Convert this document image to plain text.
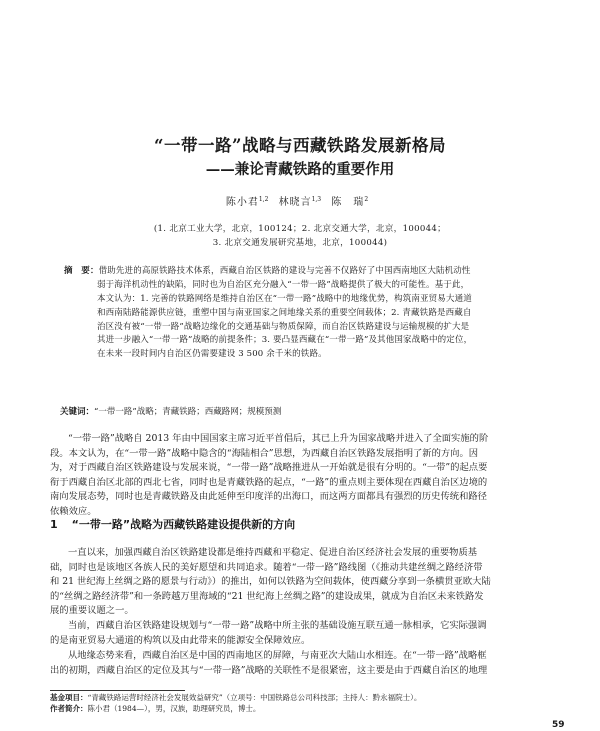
“一带一路”战略与西藏铁路发展新格局
——兼论青藏铁路的重要作用
陈小君$^{1,2}$ 林晓言$^{1,3}$ 陈　瑞$^2$
(1. 北京工业大学，北京，100124；2. 北京交通大学，北京，100044；
3. 北京交通发展研究基地，北京，100044)
摘　要：借助先进的高原铁路技术体系，西藏自治区铁路的建设与完善不仅路好了中国西南地区大陆机动性
弱于海洋机动性的缺陷，同时也为自治区充分融入“一带一路”战略提供了极大的可能性。基于此，
本文认为：1. 完善的铁路网络是维持自治区在“一带一路”战略中的地缘优势，构筑南亚贸易大通道
和西南陆路能源供应链，重塑中国与南亚国家之间地缘关系的重要空间载体；2. 青藏铁路是西藏自
治区没有被“一带一路”战略边缘化的交通基础与物质保障，而自治区铁路建设与运输规模的扩大是
其进一步融入“一带一路”战略的前提条件；3. 要凸显西藏在“一带一路”及其他国家战略中的定位，
在未来一段时间内自治区仍需要建设 3 500 余千米的铁路。
关键词：“一带一路”战略；青藏铁路；西藏路网；规模预测
“一带一路”战略自 2013 年由中国国家主席习近平首倡后，其已上升为国家战略并进入了全面实施的阶
段。本文认为，在“一带一路”战略中隐含的“海陆相合”思想，为西藏自治区铁路发展指明了新的方向。因
为，对于西藏自治区铁路建设与发展来说，“一带一路”战略推进从一开始就是很有分明的。“一带”的起点要
衔于西藏自治区北部的西北七省，同时也是青藏铁路的起点，“一路”的重点则主要体现在西藏自治区边境的
南向发展态势，同时也是青藏铁路及由此延伸至印度洋的出海口，而这两方面都具有强烈的历史传统和路径
依赖效应。
1 “一带一路”战略为西藏铁路建设提供新的方向
一直以来，加强西藏自治区铁路建设都是维持西藏和平稳定、促进自治区经济社会发展的重要物质基
础，同时也是该地区各族人民的美好愿望和共同追求。随着“一带一路”路线图（《推动共建丝绸之路经济带
和 21 世纪海上丝绸之路的愿景与行动》）的推出，如何以铁路为空间载体，使西藏分享到一条横贯亚欧大陆
的“丝绸之路经济带”和一条跨越万里海域的“21 世纪海上丝绸之路”的建设成果，就成为自治区未来铁路发
展的重要议题之一。
当前，西藏自治区铁路建设规划与“一带一路”战略中所主张的基础设施互联互通一脉相承，它实际强调
的是南亚贸易大通道的构筑以及由此带来的能源安全保障效应。
从地缘态势来看，西藏自治区是中国的西南地区的屏障，与南亚次大陆山水相连。在“一带一路”战略框
出的初期，西藏自治区的定位及其与“一带一路”战略的关联性不是很紧密，这主要是由于西藏自治区的地理
基金项目：“青藏铁路运营时经济社会发展效益研究”（立项号：中国铁路总公司科技部；主持人：黔永福院士）。
作者简介：陈小君（1984—），男，汉族，助理研究员，博士。
59
